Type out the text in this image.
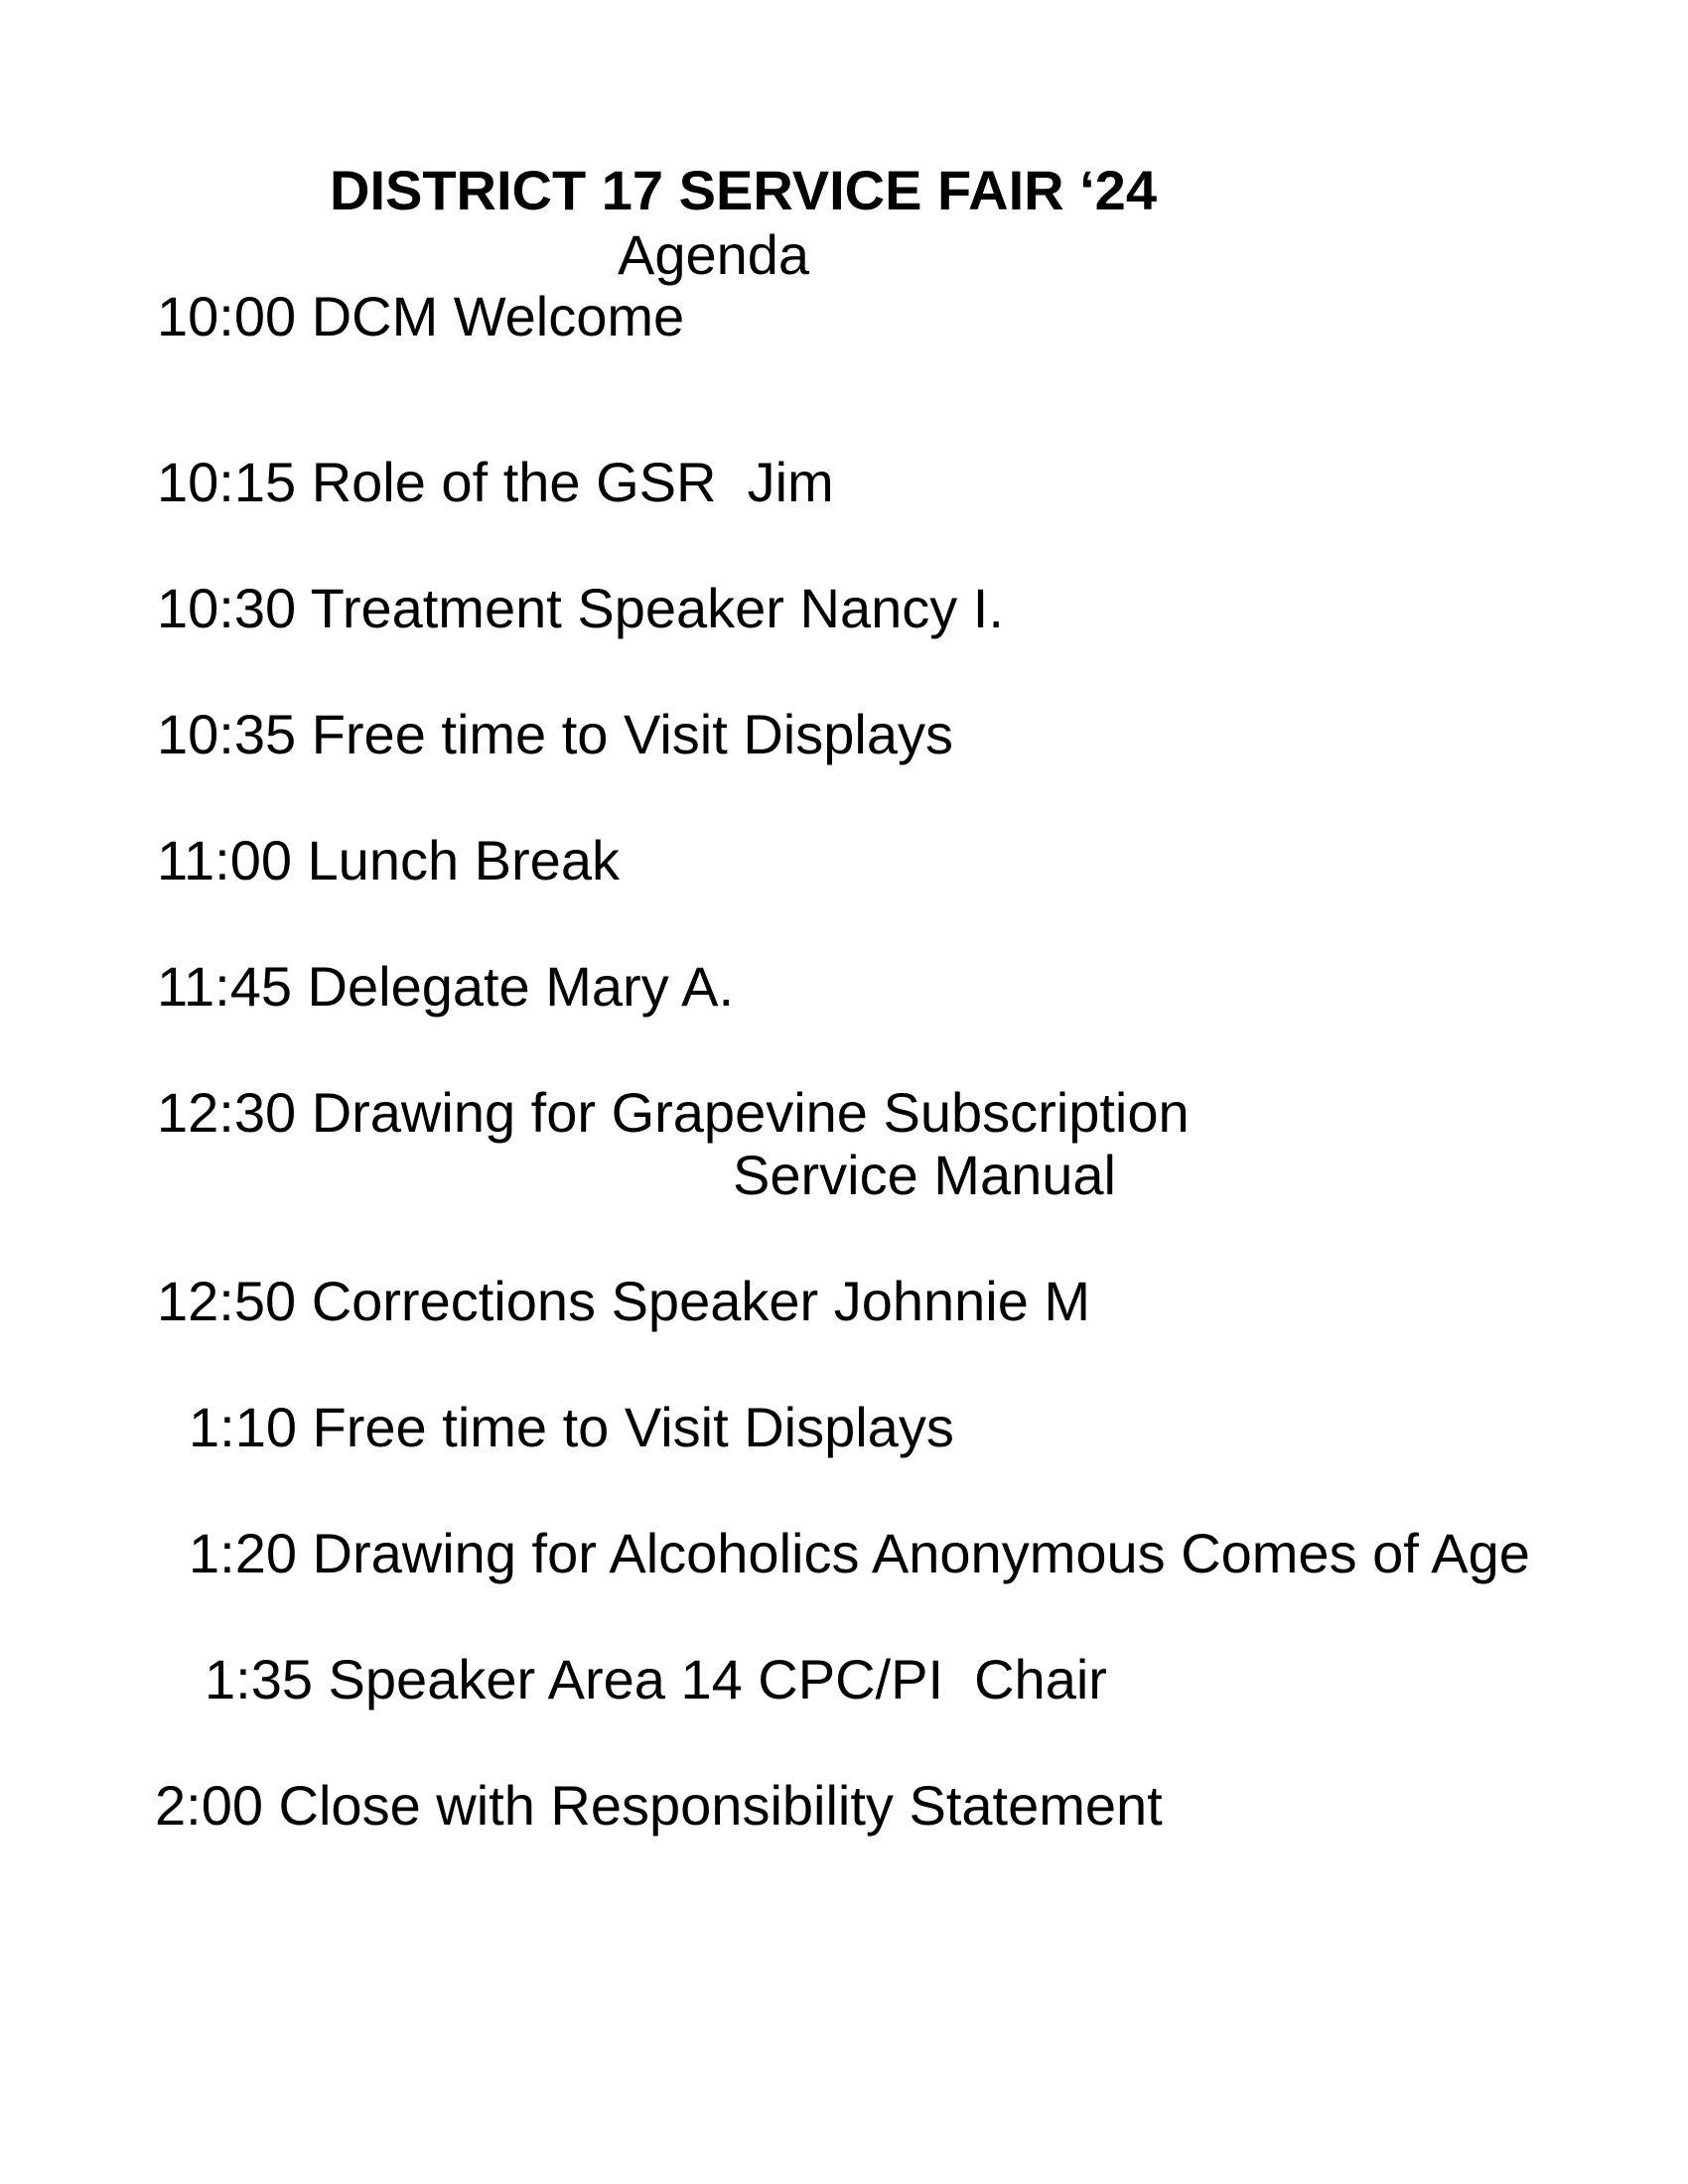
DISTRICT 17 SERVICE FAIR ‘24
Agenda
10:00 DCM Welcome
10:15 Role of the GSR  Jim
10:30 Treatment Speaker Nancy I.
10:35 Free time to Visit Displays
11:00 Lunch Break
11:45 Delegate Mary A.
12:30 Drawing for Grapevine Subscription
Service Manual
12:50 Corrections Speaker Johnnie M
1:10 Free time to Visit Displays
1:20 Drawing for Alcoholics Anonymous Comes of Age
1:35 Speaker Area 14 CPC/PI  Chair
2:00 Close with Responsibility Statement
